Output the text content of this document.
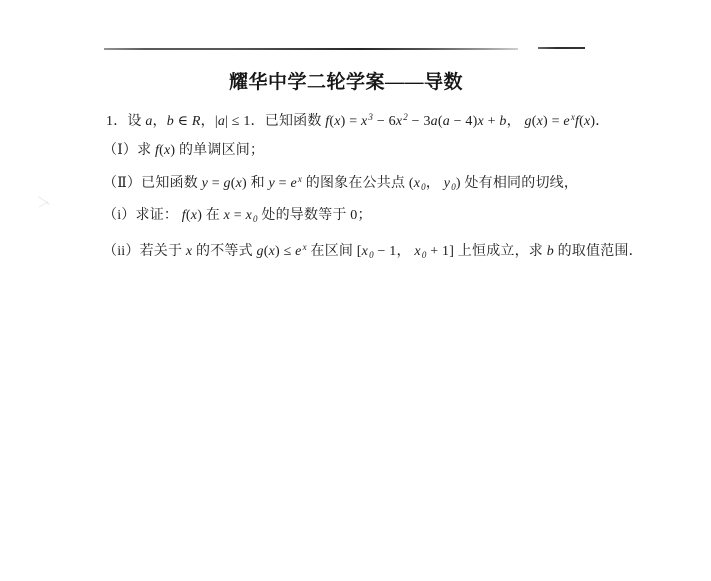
耀华中学二轮学案——导数
1．设 a，b ∈ R，|a| ≤ 1．已知函数 $f(x) = x^3 - 6x^2 - 3a(a - 4)x + b$， $g(x) = e^xf(x)$．
（Ⅰ）求 f(x) 的单调区间；
（Ⅱ）已知函数 y = g(x) 和 $y = e^x$ 的图象在公共点 ($x_0$， $y_0$) 处有相同的切线，
（i）求证： f(x) 在 $x = x_0$ 处的导数等于 0；
（ii）若关于 x 的不等式 $g(x) \le e^x$ 在区间 [$x_0 - 1$， $x_0 + 1$] 上恒成立，求 b 的取值范围．
